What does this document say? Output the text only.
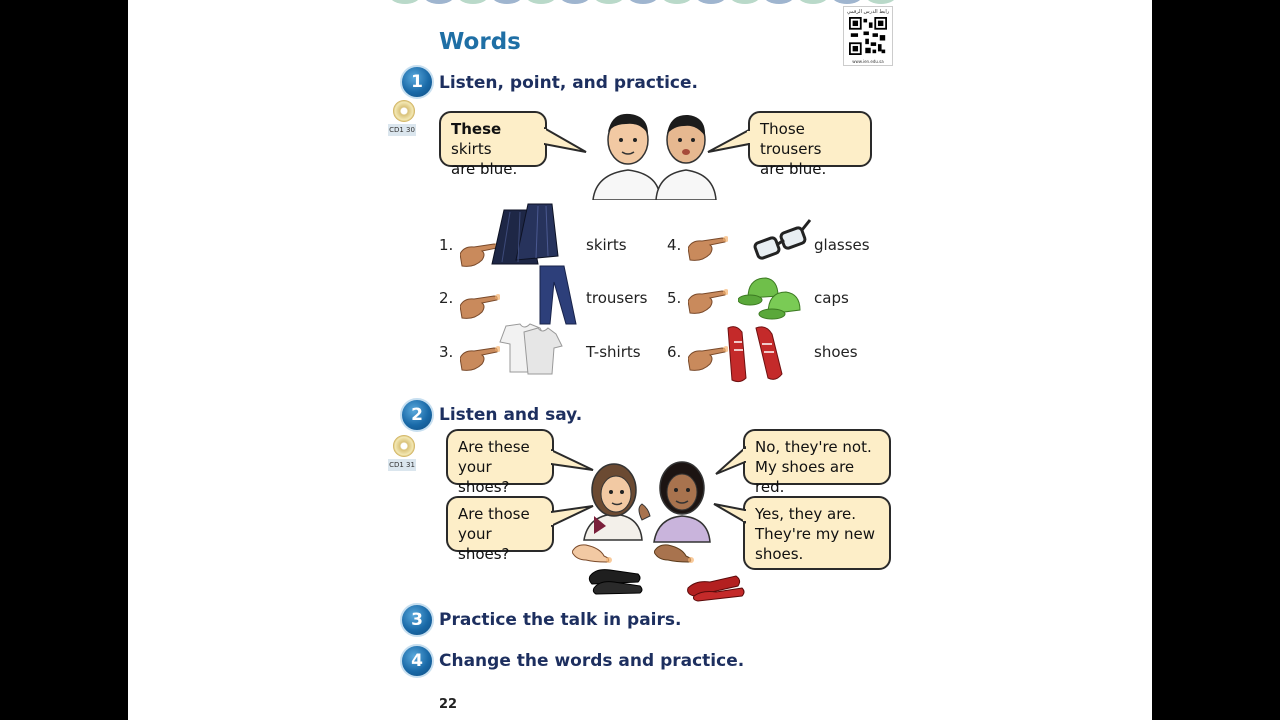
رابط الدرس الرقمي
www.ien.edu.sa
Words
1 Listen, point, and practice.
CD1 30	These skirts
are blue.
Those trousers
are blue.
1.	skirts
2.	trousers
3.	T-shirts
4.	glasses
5.	caps
6.	shoes
2 Listen and say.
CD1 31
Are these
your shoes?
Are those
your shoes?
No, they're not.
My shoes are red.
Yes, they are.
They're my new
shoes.
3 Practice the talk in pairs.
4 Change the words and practice.
22
